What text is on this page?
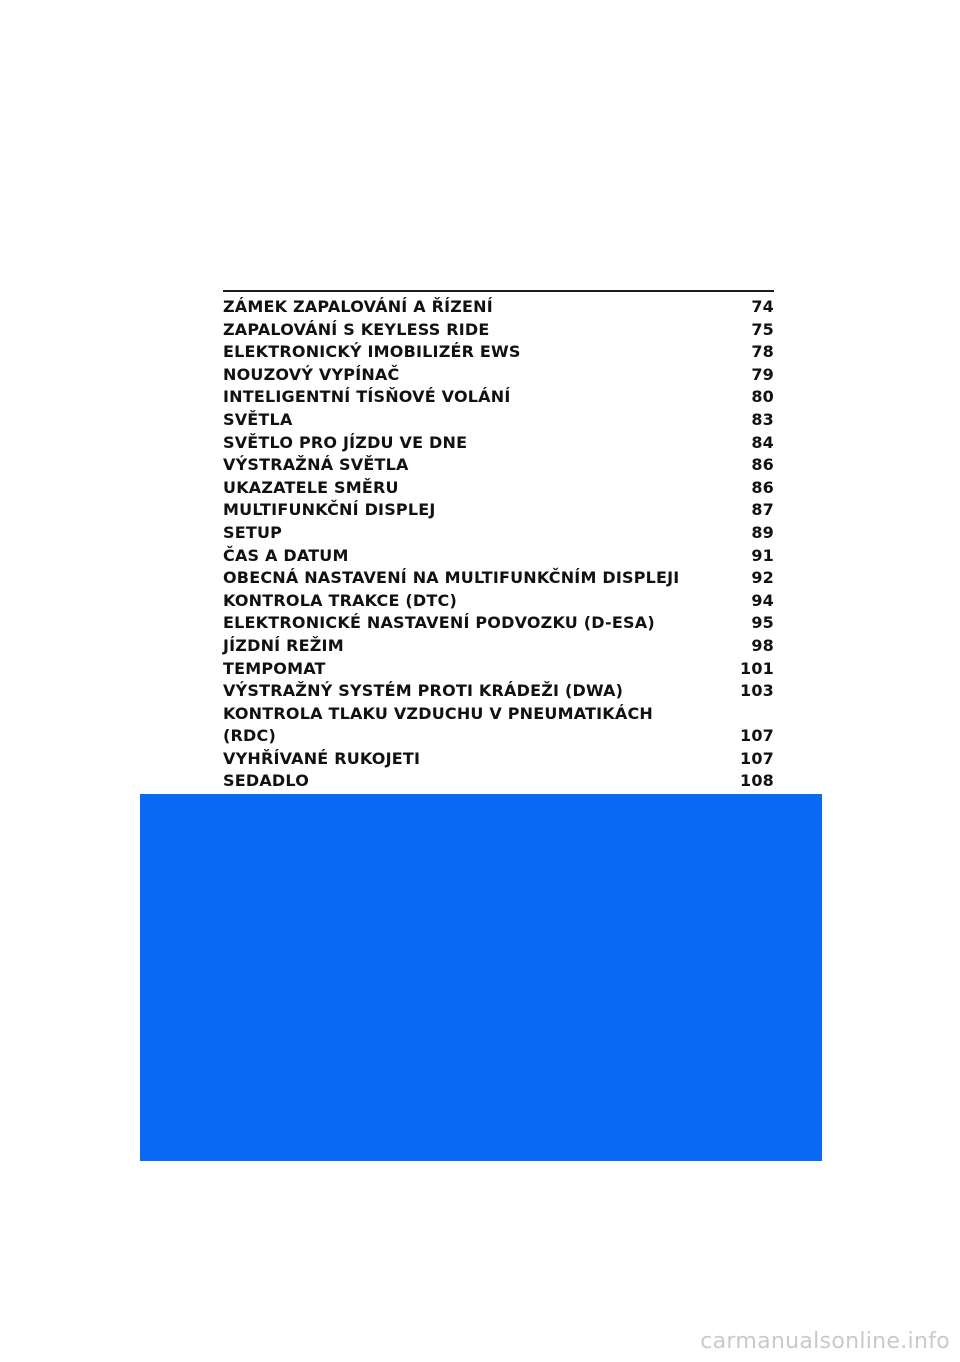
ZÁMEK ZAPALOVÁNÍ A ŘÍZENÍ	74
ZAPALOVÁNÍ S KEYLESS RIDE	75
ELEKTRONICKÝ IMOBILIZÉR EWS	78
NOUZOVÝ VYPÍNAČ	79
INTELIGENTNÍ TÍSŇOVÉ VOLÁNÍ	80
SVĚTLA	83
SVĚTLO PRO JÍZDU VE DNE	84
VÝSTRAŽNÁ SVĚTLA	86
UKAZATELE SMĚRU	86
MULTIFUNKČNÍ DISPLEJ	87
SETUP	89
ČAS A DATUM	91
OBECNÁ NASTAVENÍ NA MULTIFUNKČNÍM DISPLEJI	92
KONTROLA TRAKCE (DTC)	94
ELEKTRONICKÉ NASTAVENÍ PODVOZKU (D-ESA)	95
JÍZDNÍ REŽIM	98
TEMPOMAT	101
VÝSTRAŽNÝ SYSTÉM PROTI KRÁDEŽI (DWA)	103
KONTROLA TLAKU VZDUCHU V PNEUMATIKÁCH (RDC)	107
VYHŘÍVANÉ RUKOJETI	107
SEDADLO	108
carmanualsonline.info
